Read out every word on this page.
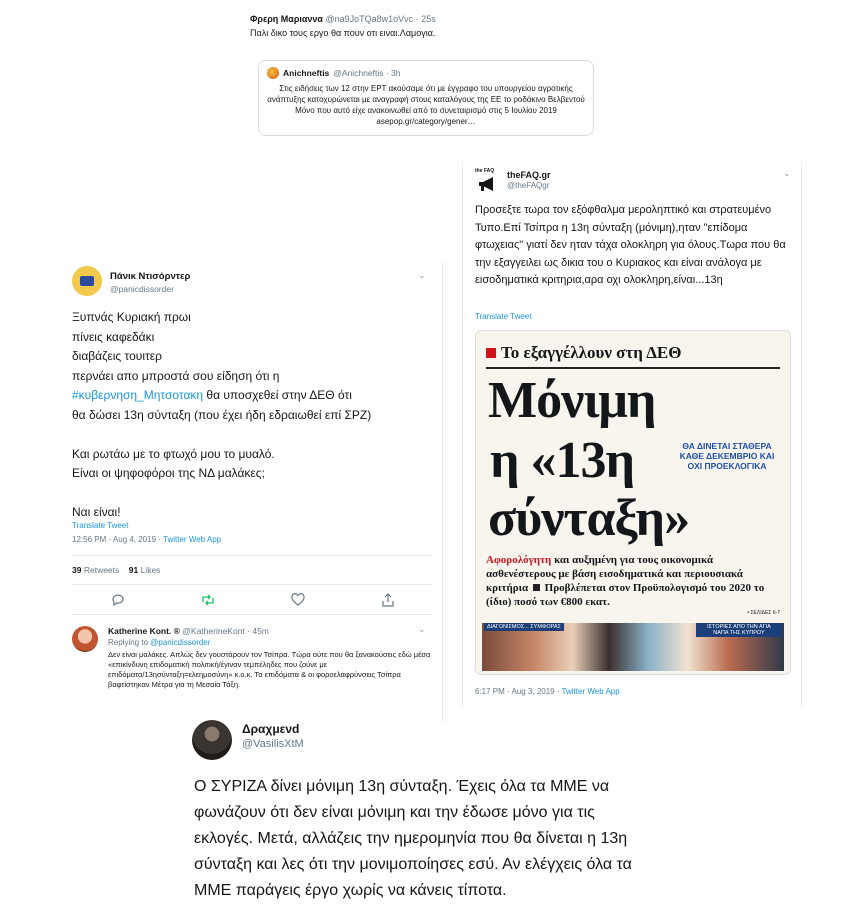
Φρερη Μαριαννα @na9JoTQa8w1oVvc · 25s
Παλι δικο τους εργο θα πουν οτι ειναι.Λαμογια.
Anichneftis @Anichneftis · 3h
Στις ειδήσεις των 12 στην ΕΡΤ ακούσαμε ότι με έγγραφο του υπουργείου αγροτικής ανάπτυξης κατοχυρώνεται με αναγραφή στους καταλόγους της ΕΕ το ροδάκινο Βελβεντού Μόνο που αυτό είχε ανακοινωθεί από το συνεταιρισμό στις 5 Ιουλίου 2019 asepop.gr/category/gener…
Πάνικ Ντισόρντερ
@panicdissorder
⌄
Ξυπνάς Κυριακή πρωι
πίνεις καφεδάκι
διαβάζεις τουιτερ
περνάει απο μπροστά σου είδηση ότι η
#κυβερνηση_Μητσοτακη θα υποσχεθεί στην ΔΕΘ ότι
θα δώσει 13η σύνταξη (που έχει ήδη εδραιωθεί επί ΣΡΖ)

Και ρωτάω με το φτωχό μου το μυαλό.
Είναι οι ψηφοφόροι της ΝΔ μαλάκες;

Ναι είναι!
Translate Tweet
12:56 PM - Aug 4, 2019 · Twitter Web App
39 Retweets 91 Likes
Katherine Kont. ® @KatherineKont · 45m	⌄
Replying to @panicdissorder
Δεν είναι μαλάκες. Απλώς δεν γουστάρουν τον Τσίπρα. Τώρα ούτε που θα ξανακούσεις εδώ μέσα «επικίνδυνη επιδοματική πολιτική/έγιναν τεμπέληδες που ζούνε με επιδόματα/13ησύνταξη=ελεημοσύνη» κ.ο.κ. Τα επιδόματα & οι φοροελαφρύνσεις Τσίπρα βαφτίστηκαν Μέτρα για τη Μεσαία Τάξη.
the FAQ theFAQ.gr
@theFAQgr
⌄
Προσεξτε τωρα τον εξόφθαλμα μεροληπτικό και στρατευμένο Τυπο.Επί Τσίπρα η 13η σύνταξη (μόνιμη),ηταν "επίδομα φτωχειας" γιατί δεν ηταν τάχα ολοκληρη για όλους.Τωρα που θα την εξαγγειλει ως δικια του ο Κυριακος και είναι ανάλογα με εισοδηματικά κριτηρια,αρα οχι ολοκληρη,είναι...13η
Translate Tweet
Το εξαγγέλλουν στη ΔΕΘ
Μόνιμη
η «13η	ΘΑ ΔΙΝΕΤΑΙ ΣΤΑΘΕΡΑ ΚΑΘΕ ΔΕΚΕΜΒΡΙΟ ΚΑΙ ΟΧΙ ΠΡΟΕΚΛΟΓΙΚΑ
σύνταξη»
Αφορολόγητη και αυξημένη για τους οικονομικά ασθενέστερους με βάση εισοδηματικά και περιουσιακά κριτήρια  Προβλέπεται στον Προϋπολογισμό του 2020 το (ίδιο) ποσό των €800 εκατ.
• ΣΕΛΙΔΕΣ 6-7
ΔΙΑΓΩΝΙΣΜΟΣ... ΣΥΜΦΟΡΑΣ	ΙΣΤΟΡΙΕΣ ΑΠΟ ΤΗΝ ΑΓΙΑ ΝΑΠΑ ΤΗΣ ΚΥΠΡΟΥ
6:17 PM - Aug 3, 2019 · Twitter Web App
Δραχμενd
@VasilisXtM
Ο ΣΥΡΙΖΑ δίνει μόνιμη 13η σύνταξη. Έχεις όλα τα ΜΜΕ να φωνάζουν ότι δεν είναι μόνιμη και την έδωσε μόνο για τις εκλογές. Μετά, αλλάζεις την ημερομηνία που θα δίνεται η 13η σύνταξη και λες ότι την μονιμοποίησες εσύ. Αν ελέγχεις όλα τα ΜΜΕ παράγεις έργο χωρίς να κάνεις τίποτα.
